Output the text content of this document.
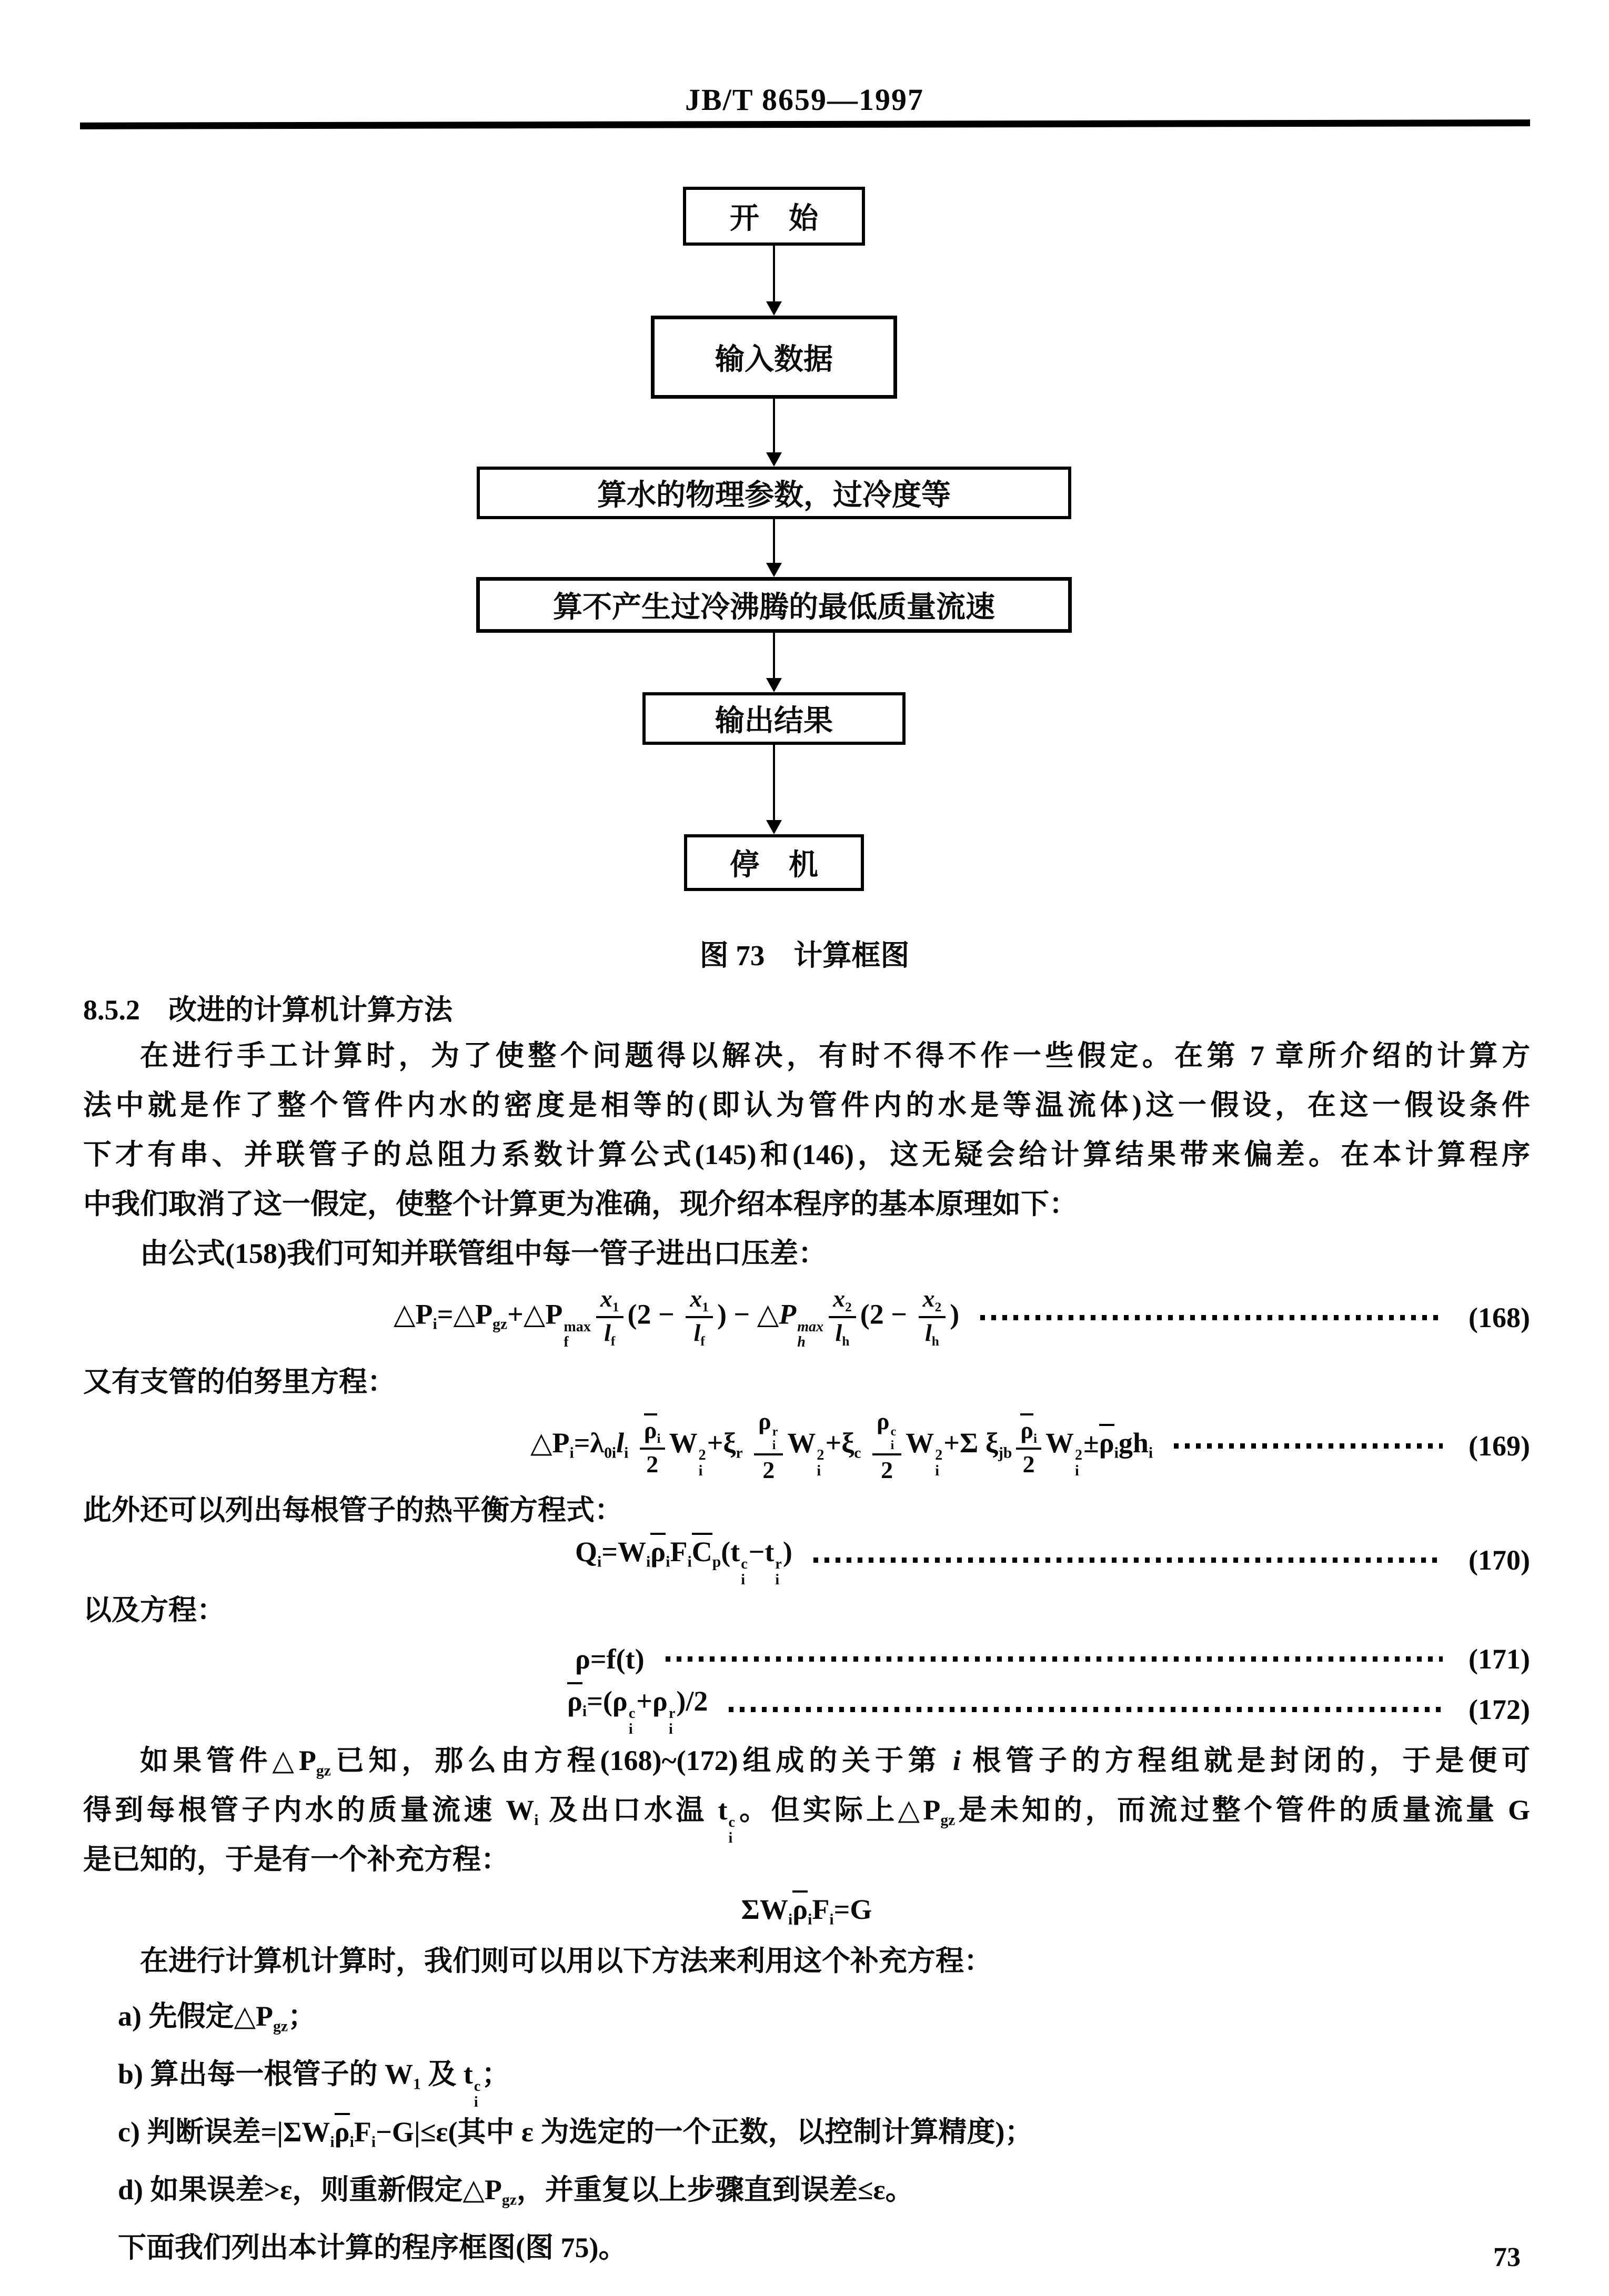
JB/T 8659—1997
开　始
输入数据
算水的物理参数，过冷度等
算不产生过冷沸腾的最低质量流速
输出结果
停　机
图 73　计算框图
8.5.2　改进的计算机计算方法
在进行手工计算时，为了使整个问题得以解决，有时不得不作一些假定。在第 7 章所介绍的计算方
法中就是作了整个管件内水的密度是相等的(即认为管件内的水是等温流体)这一假设，在这一假设条件
下才有串、并联管子的总阻力系数计算公式(145)和(146)，这无疑会给计算结果带来偏差。在本计算程序
中我们取消了这一假定，使整个计算更为准确，现介绍本程序的基本原理如下：
由公式(158)我们可知并联管组中每一管子进出口压差：
$\triangle P_i=\triangle P_{gz}+\triangle P$ max
f	$\frac{x_1}{l_f} (2 - \frac{x_1}{l_f}$ ) − △P max
h $\frac{x_2}{l_h} (2 - \frac{x_2}{l_h}$ )	(168)
又有支管的伯努里方程：
$\triangle P_i=\lambda_{0i}l_i \frac{\rho_i}{2}$ W 2
i
$+\xi_r$ ρ r
i
2 W 2
i
$+\xi_c$ ρ c
i
2 W 2
i
+Σ $\xi_{jb} \frac{\rho_i}{2}$ W 2
i
$\pm\rho_igh_i$	(169)
此外还可以列出每根管子的热平衡方程式：
$Q_i=W_i\rho_iF_iC_p(t$ c
i
−t r
i
)	(170)
以及方程：
ρ=f(t)	(171)
$\rho_i=(\rho$ c
i
+ρ r
i
)/2	(172)
如果管件$\triangle P_{gz}$已知，那么由方程(168)~(172)组成的关于第 i 根管子的方程组就是封闭的，于是便可
得到每根管子内水的质量流速 $W_i$ 及出口水温 t c
i
。但实际上$\triangle P_{gz}$是未知的，而流过整个管件的质量流量 G
是已知的，于是有一个补充方程：
$\Sigma W_i\rho_iF_i=G$
在进行计算机计算时，我们则可以用以下方法来利用这个补充方程：
a) 先假定$\triangle P_{gz}$；
b) 算出每一根管子的 $W_1$ 及 t c
i
；
c) 判断误差$=|\Sigma W_i\rho_iF_i-G|\le\varepsilon$(其中 ε 为选定的一个正数，以控制计算精度)；
d) 如果误差>ε，则重新假定$\triangle P_{gz}$，并重复以上步骤直到误差≤ε。
下面我们列出本计算的程序框图(图 75)。	73
